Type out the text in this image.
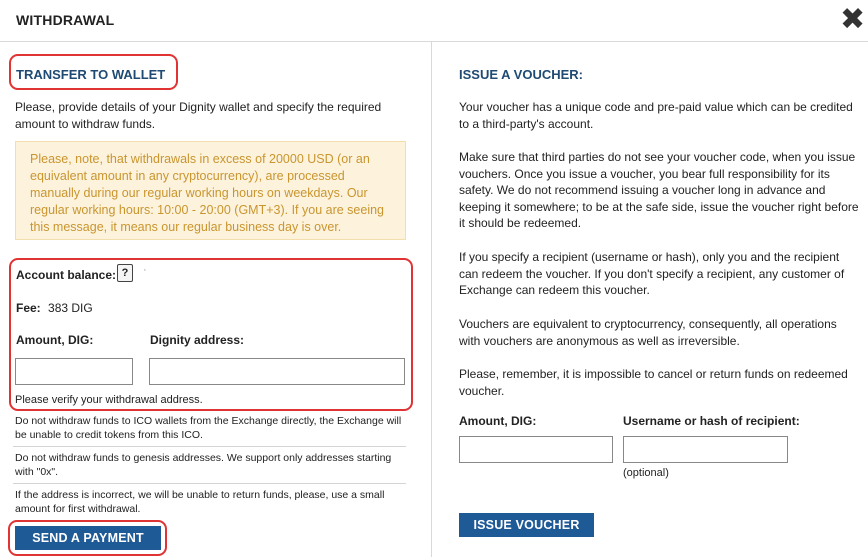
WITHDRAWAL	✖
TRANSFER TO WALLET
Please, provide details of your Dignity wallet and specify the required amount to withdraw funds.
Please, note, that withdrawals in excess of 20000 USD (or an equivalent amount in any cryptocurrency), are processed manually during our regular working hours on weekdays. Our regular working hours: 10:00 - 20:00 (GMT+3). If you are seeing this message, it means our regular business day is over.
Account balance: ?	·
Fee: 383 DIG
Amount, DIG:	Dignity address:
Please verify your withdrawal address.
Do not withdraw funds to ICO wallets from the Exchange directly, the Exchange will be unable to credit tokens from this ICO.
Do not withdraw funds to genesis addresses. We support only addresses starting with "0x".
If the address is incorrect, we will be unable to return funds, please, use a small amount for first withdrawal.
SEND A PAYMENT
ISSUE A VOUCHER:
Your voucher has a unique code and pre-paid value which can be credited to a third-party's account.
Make sure that third parties do not see your voucher code, when you issue vouchers. Once you issue a voucher, you bear full responsibility for its safety. We do not recommend issuing a voucher long in advance and keeping it somewhere; to be at the safe side, issue the voucher right before it should be redeemed.
If you specify a recipient (username or hash), only you and the recipient can redeem the voucher. If you don't specify a recipient, any customer of Exchange can redeem this voucher.
Vouchers are equivalent to cryptocurrency, consequently, all operations with vouchers are anonymous as well as irreversible.
Please, remember, it is impossible to cancel or return funds on redeemed voucher.
Amount, DIG:	Username or hash of recipient:
(optional)
ISSUE VOUCHER
